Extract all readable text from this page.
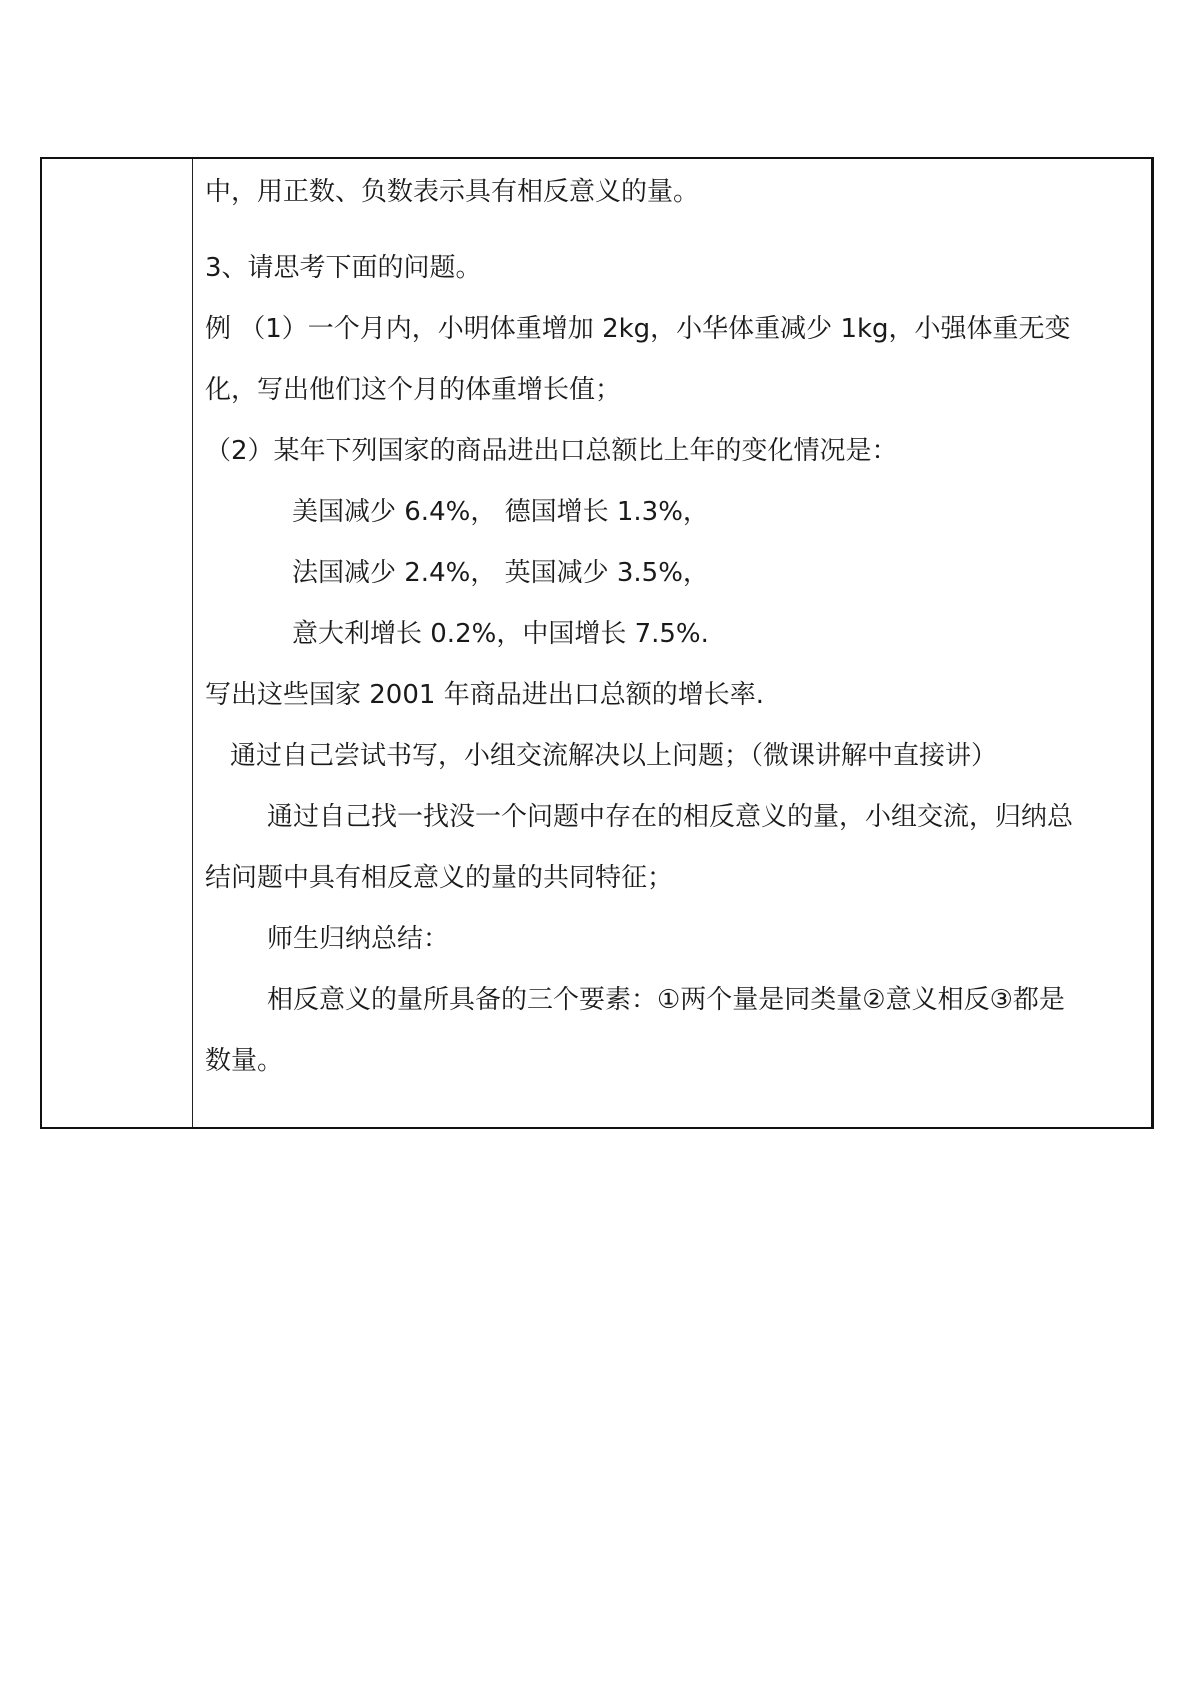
中，用正数、负数表示具有相反意义的量。
3、请思考下面的问题。
例 （1）一个月内，小明体重增加 2kg，小华体重减少 1kg，小强体重无变
化，写出他们这个月的体重增长值；
（2）某年下列国家的商品进出口总额比上年的变化情况是：
美国减少 6.4%， 德国增长 1.3%，
法国减少 2.4%， 英国减少 3.5%，
意大利增长 0.2%，中国增长 7.5%.
写出这些国家 2001 年商品进出口总额的增长率.
通过自己尝试书写，小组交流解决以上问题；（微课讲解中直接讲）
通过自己找一找没一个问题中存在的相反意义的量，小组交流，归纳总
结问题中具有相反意义的量的共同特征；
师生归纳总结：
相反意义的量所具备的三个要素：①两个量是同类量②意义相反③都是
数量。
